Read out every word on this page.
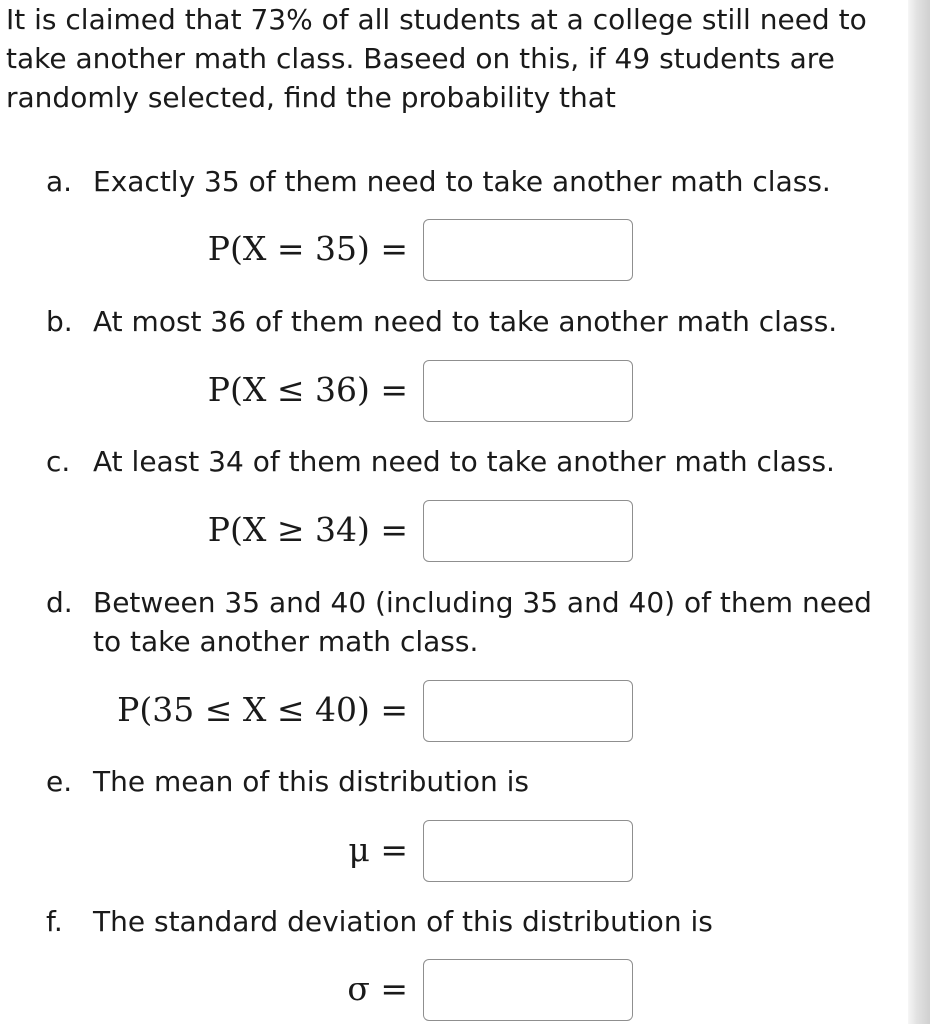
It is claimed that 73% of all students at a college still need to take another math class. Baseed on this, if 49 students are randomly selected, find the probability that

a. Exactly 35 of them need to take another math class.
P(X = 35) =
b. At most 36 of them need to take another math class.
P(X ≤ 36) =
c. At least 34 of them need to take another math class.
P(X ≥ 34) =
d. Between 35 and 40 (including 35 and 40) of them need to take another math class.
P(35 ≤ X ≤ 40) =
e. The mean of this distribution is
μ =
f. The standard deviation of this distribution is
σ =
